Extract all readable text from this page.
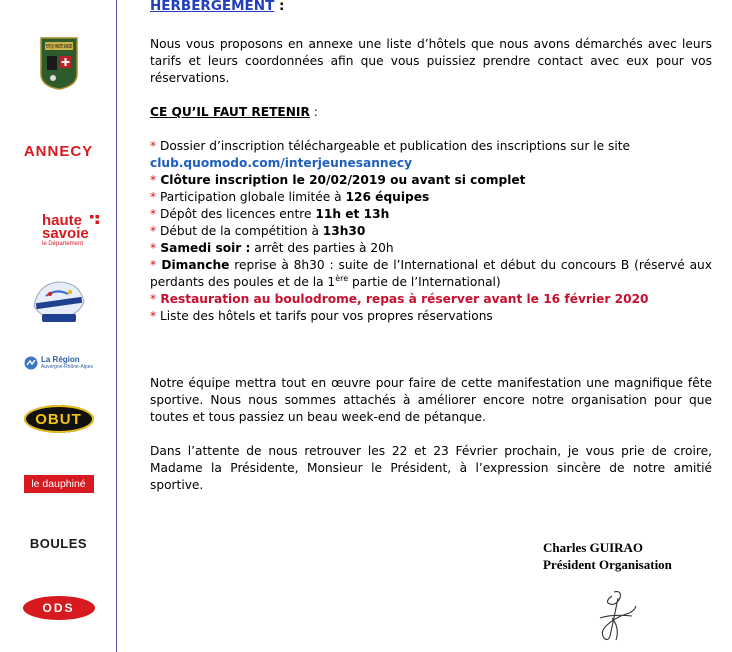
F.F.P.J.P. HAUTE SAVOIE
ANNECY
haute
savoie
le Département
La Région
Auvergne-Rhône-Alpes
OBUT
le dauphiné
BOULES
ODS

HERBERGEMENT :

Nous vous proposons en annexe une liste d’hôtels que nous avons démarchés avec leurs tarifs et leurs coordonnées afin que vous puissiez prendre contact avec eux pour vos réservations.

CE QU’IL FAUT RETENIR :

* Dossier d’inscription téléchargeable et publication des inscriptions sur le site
club.quomodo.com/interjeunesannecy
* Clôture inscription le 20/02/2019 ou avant si complet
* Participation globale limitée à 126 équipes
* Dépôt des licences entre 11h et 13h
* Début de la compétition à 13h30
* Samedi soir : arrêt des parties à 20h
* Dimanche reprise à 8h30 : suite de l’International et début du concours B (réservé aux perdants des poules et de la 1ère partie de l’International)
* Restauration au boulodrome, repas à réserver avant le 16 février 2020
* Liste des hôtels et tarifs pour vos propres réservations

Notre équipe mettra tout en œuvre pour faire de cette manifestation une magnifique fête sportive. Nous nous sommes attachés à améliorer encore notre organisation pour que toutes et tous passiez un beau week-end de pétanque.

Dans l’attente de nous retrouver les 22 et 23 Février prochain, je vous prie de croire, Madame la Présidente, Monsieur le Président, à l’expression sincère de notre amitié sportive.

Charles GUIRAO
Président Organisation
